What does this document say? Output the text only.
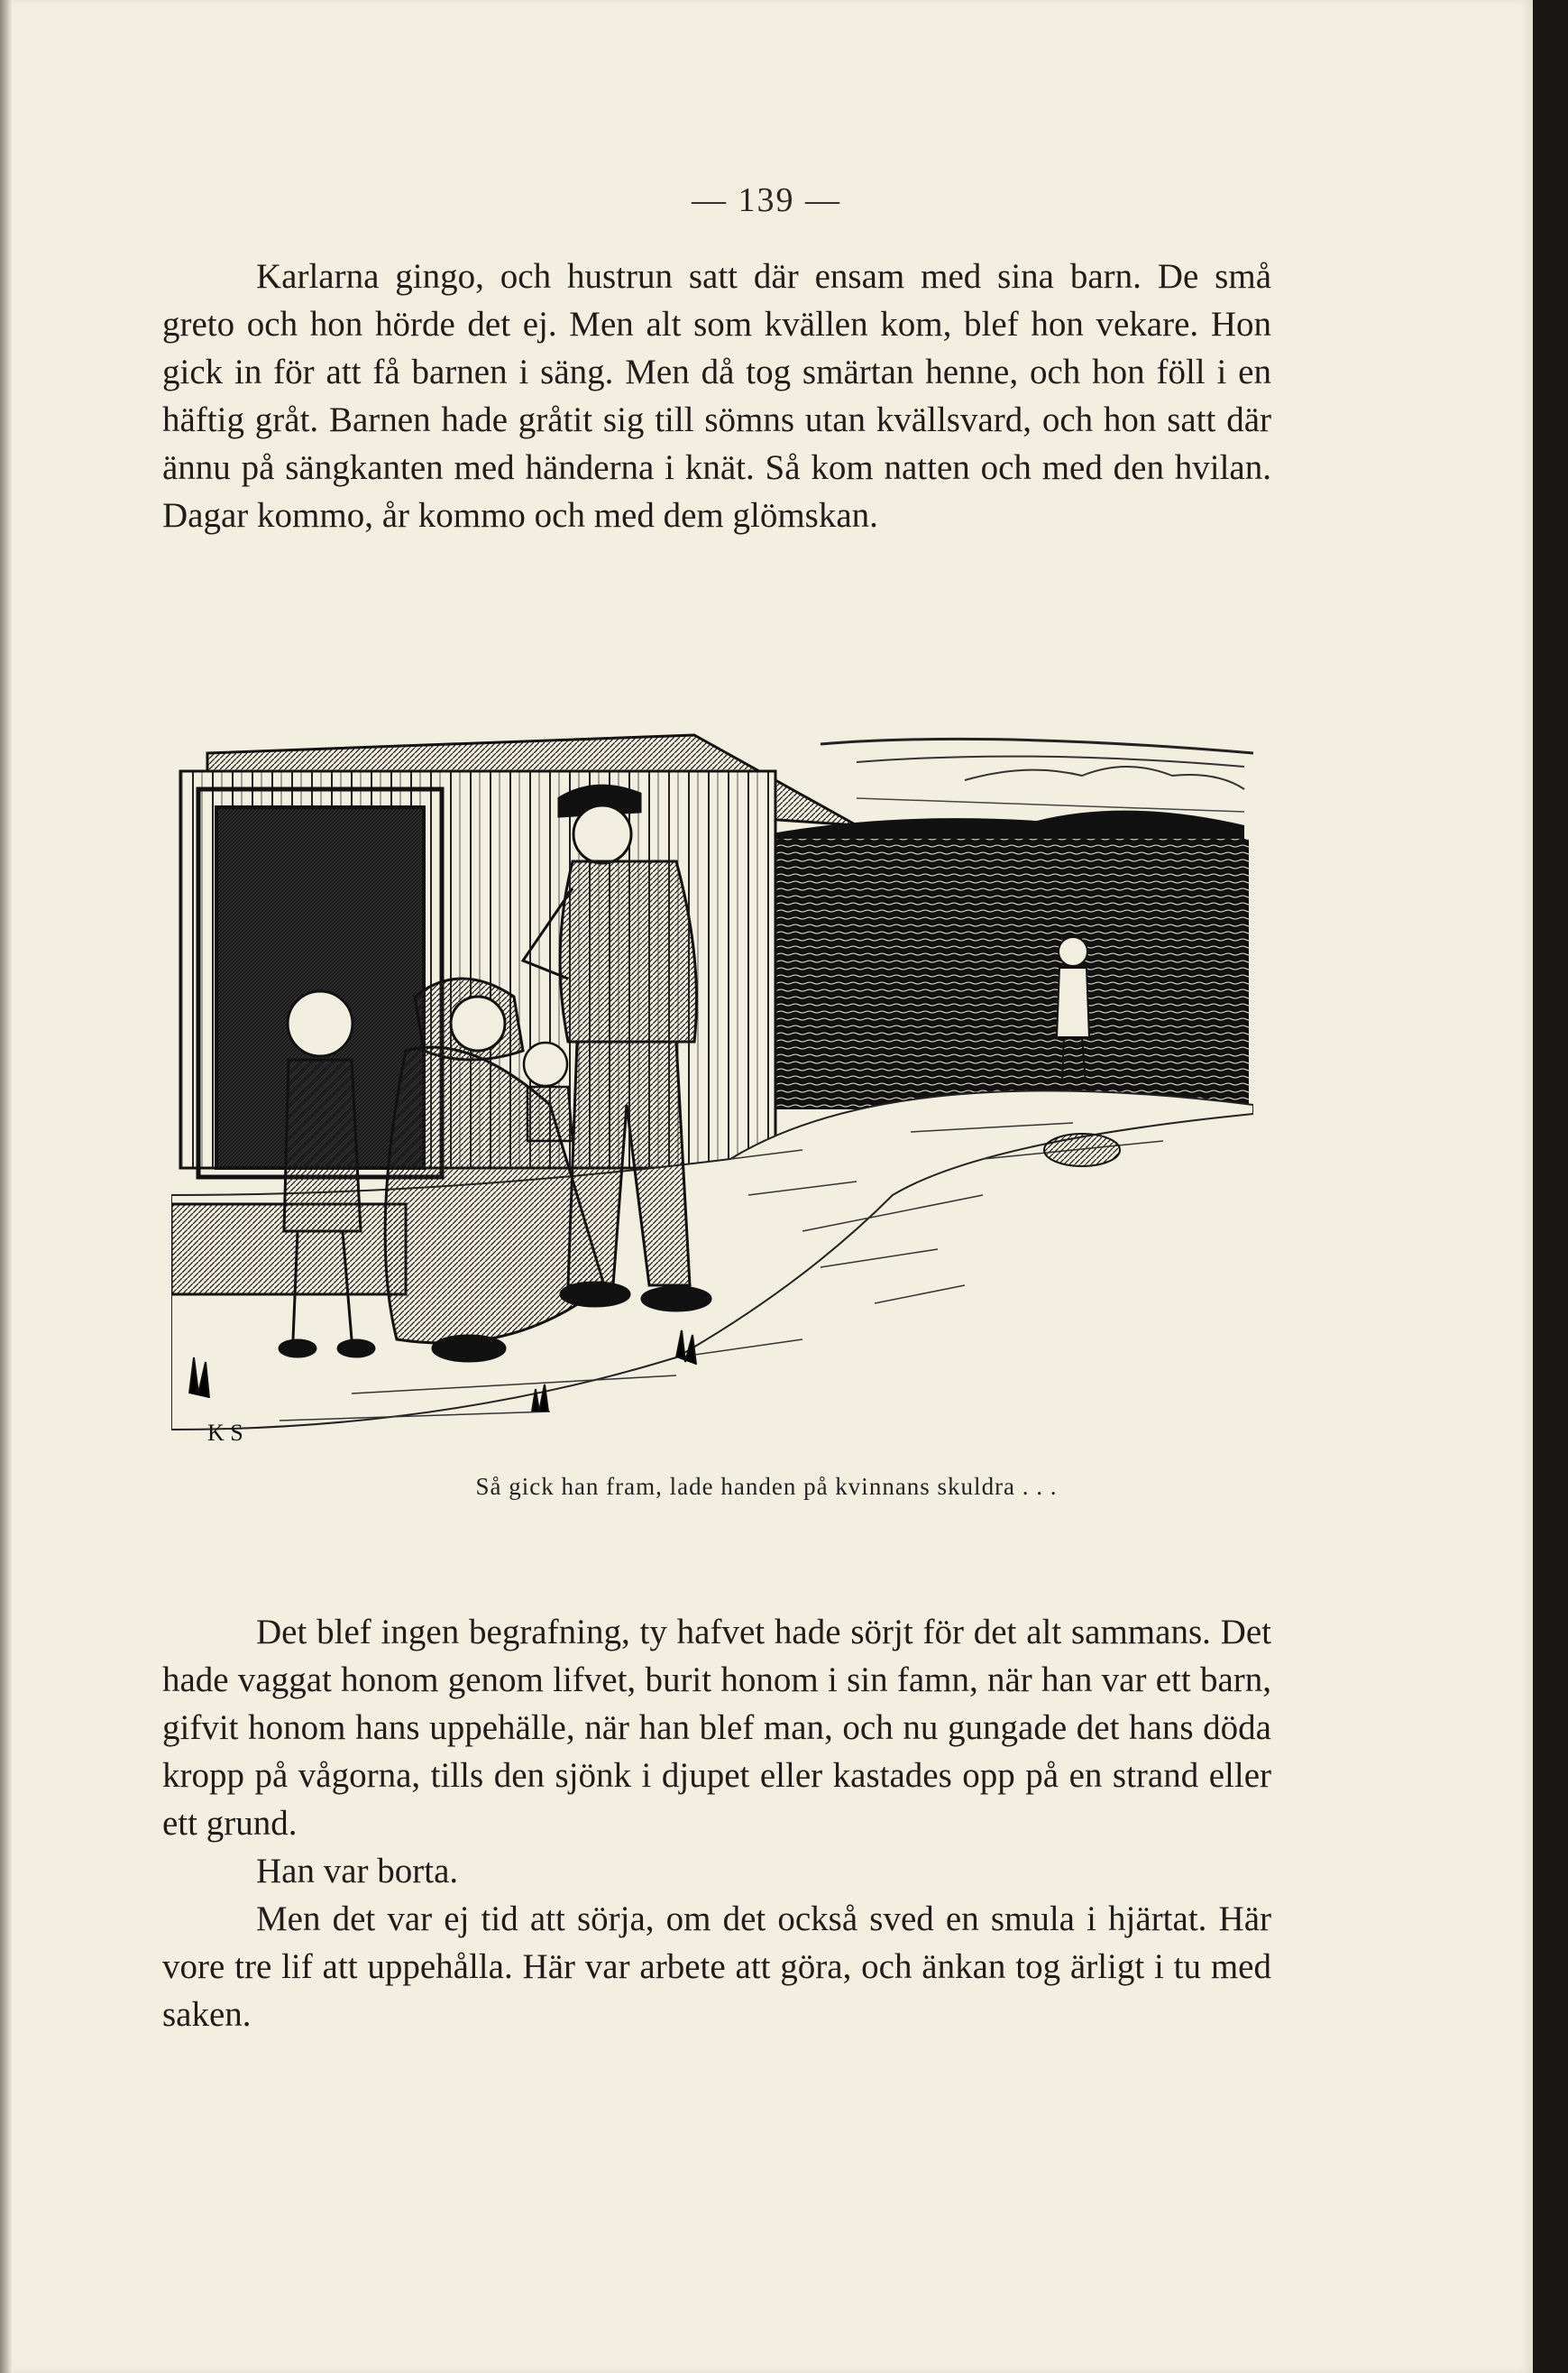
— 139 —

Karlarna gingo, och hustrun satt där ensam med sina barn. De små greto och hon hörde det ej. Men alt som kvällen kom, blef hon vekare. Hon gick in för att få barnen i säng. Men då tog smärtan henne, och hon föll i en häftig gråt. Barnen hade gråtit sig till sömns utan kvällsvard, och hon satt där ännu på sängkanten med händerna i knät. Så kom natten och med den hvilan. Dagar kommo, år kommo och med dem glömskan.

K S
Så gick han fram, lade handen på kvinnans skuldra . . .

Det blef ingen begrafning, ty hafvet hade sörjt för det alt sammans. Det hade vaggat honom genom lifvet, burit honom i sin famn, när han var ett barn, gifvit honom hans uppehälle, när han blef man, och nu gungade det hans döda kropp på vågorna, tills den sjönk i djupet eller kastades opp på en strand eller ett grund.

Han var borta.

Men det var ej tid att sörja, om det också sved en smula i hjärtat. Här vore tre lif att uppehålla. Här var arbete att göra, och änkan tog ärligt i tu med saken.
